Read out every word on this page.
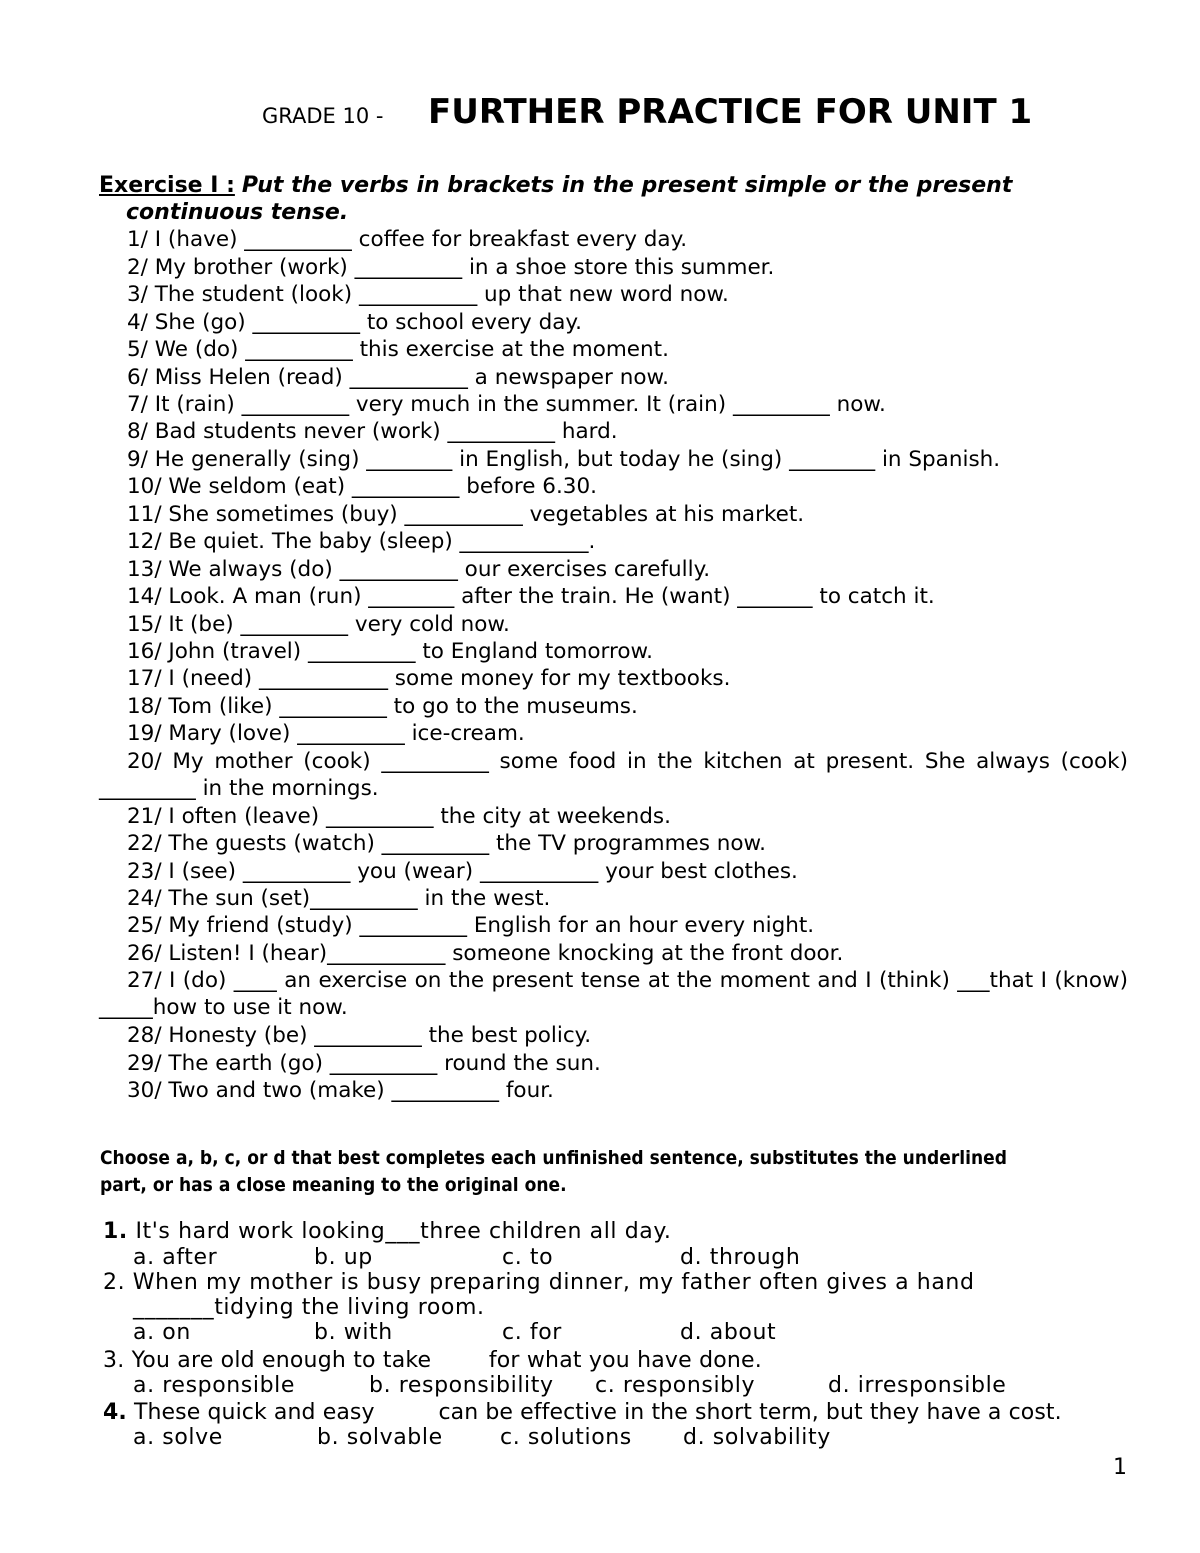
GRADE 10 - FURTHER PRACTICE FOR UNIT 1
Exercise I : Put the verbs in brackets in the present simple or the present
continuous tense.
1/ I (have) __________ coffee for breakfast every day.
2/ My brother (work) __________ in a shoe store this summer.
3/ The student (look) ___________ up that new word now.
4/ She (go) __________ to school every day.
5/ We (do) __________ this exercise at the moment.
6/ Miss Helen (read) ___________ a newspaper now.
7/ It (rain) __________ very much in the summer. It (rain) _________ now.
8/ Bad students never (work) __________ hard.
9/ He generally (sing) ________ in English, but today he (sing) ________ in Spanish.
10/ We seldom (eat) __________ before 6.30.
11/ She sometimes (buy) ___________ vegetables at his market.
12/ Be quiet. The baby (sleep) ____________.
13/ We always (do) ___________ our exercises carefully.
14/ Look. A man (run) ________ after the train. He (want) _______ to catch it.
15/ It (be) __________ very cold now.
16/ John (travel) __________ to England tomorrow.
17/ I (need) ____________ some money for my textbooks.
18/ Tom (like) __________ to go to the museums.
19/ Mary (love) __________ ice-cream.
20/ My mother (cook) __________ some food in the kitchen at present. She always (cook) _________ in the mornings.
21/ I often (leave) __________ the city at weekends.
22/ The guests (watch) __________ the TV programmes now.
23/ I (see) __________ you (wear) ___________ your best clothes.
24/ The sun (set)__________ in the west.
25/ My friend (study) __________ English for an hour every night.
26/ Listen! I (hear)___________ someone knocking at the front door.
27/ I (do) ____ an exercise on the present tense at the moment and I (think) ___that I (know) _____how to use it now.
28/ Honesty (be) __________ the best policy.
29/ The earth (go) __________ round the sun.
30/ Two and two (make) __________ four.
Choose a, b, c, or d that best completes each unfinished sentence, substitutes the underlined part, or has a close meaning to the original one.
1. It's hard work looking___three children all day.
a. after	b. up	c. to	d. through
2. When my mother is busy preparing dinner, my father often gives a hand
_______tidying the living room.
a. on	b. with	c. for	d. about
3. You are old enough to take        for what you have done.
a. responsible	b. responsibility c. responsibly	d. irresponsible
4. These quick and easy         can be effective in the short term, but they have a cost.
a. solve	b. solvable	c. solutions d. solvability
1
